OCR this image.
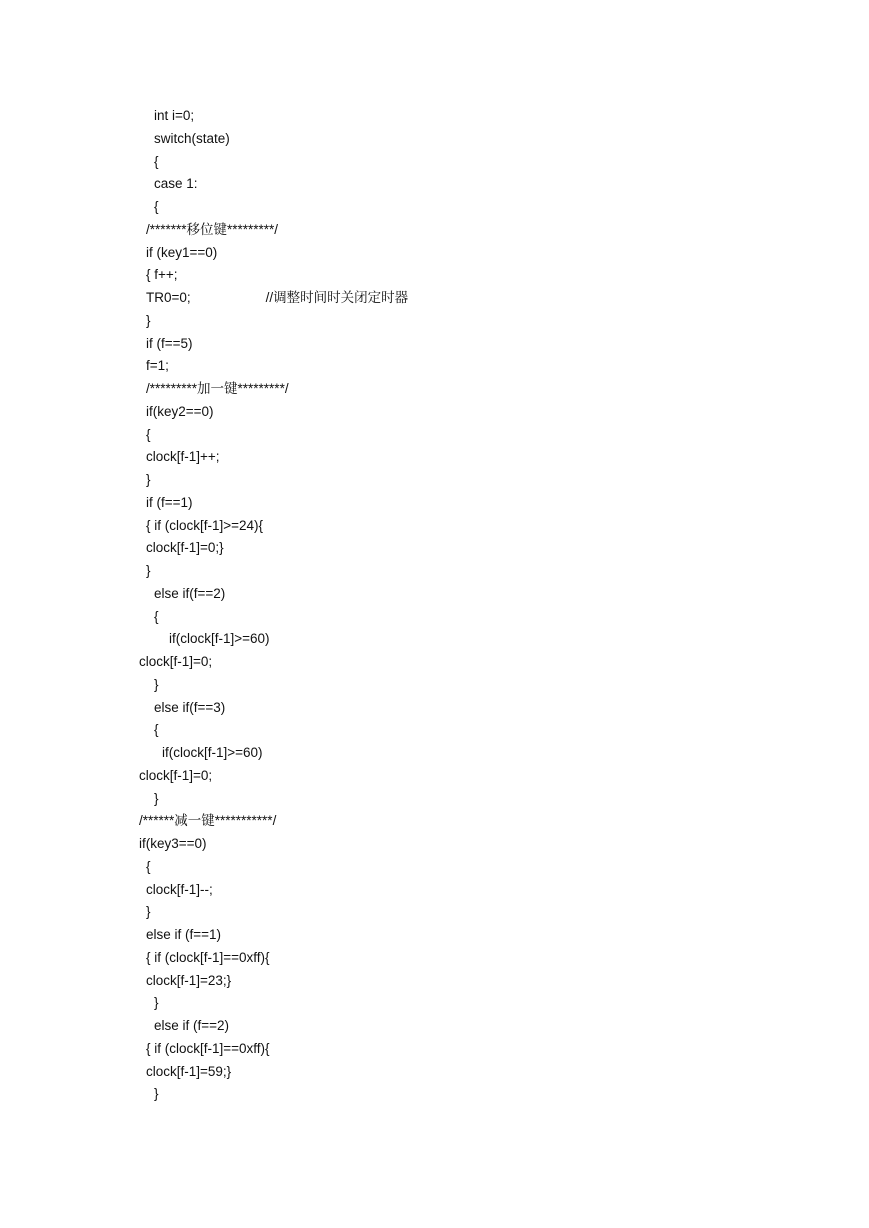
int i=0;
switch(state)
{
case 1:
{
/*******移位键*********/
if (key1==0)
{ f++;
TR0=0;                    //调整时间时关闭定时器
}
if (f==5)
f=1;
/*********加一键*********/
if(key2==0)
{
clock[f-1]++;
}
if (f==1)
{ if (clock[f-1]>=24){
clock[f-1]=0;}
}
else if(f==2)
{
if(clock[f-1]>=60)
clock[f-1]=0;
}
else if(f==3)
{
if(clock[f-1]>=60)
clock[f-1]=0;
}
/******减一键***********/
if(key3==0)
{
clock[f-1]--;
}
else if (f==1)
{ if (clock[f-1]==0xff){
clock[f-1]=23;}
}
else if (f==2)
{ if (clock[f-1]==0xff){
clock[f-1]=59;}
}
